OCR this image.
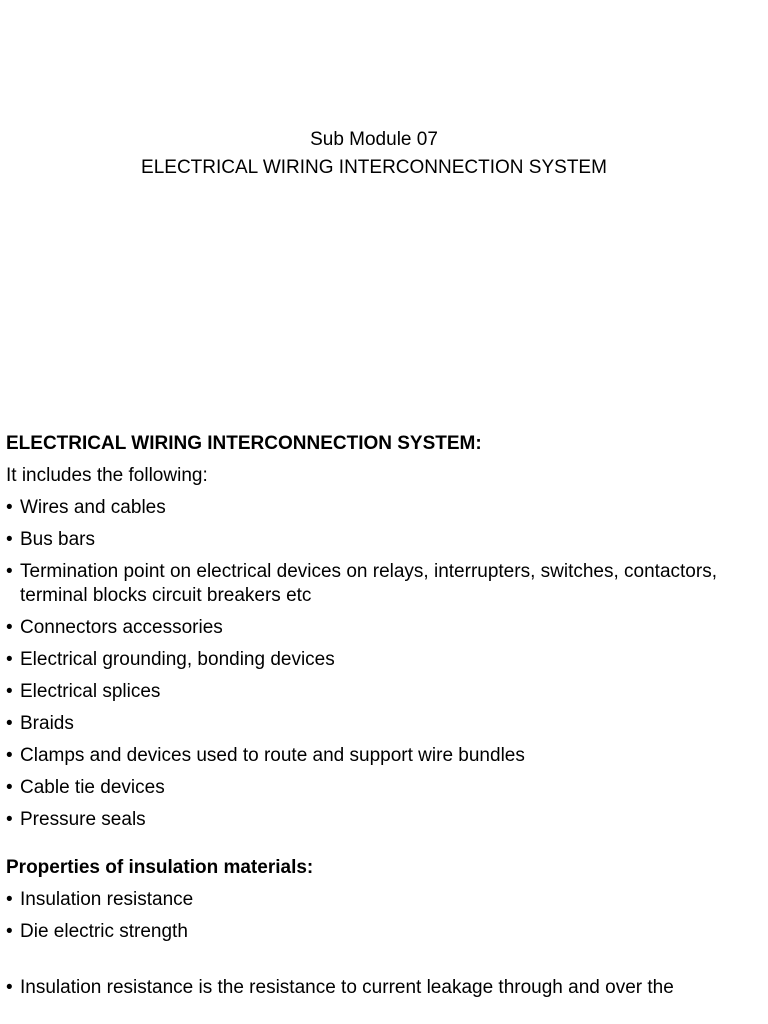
Sub Module 07
ELECTRICAL WIRING INTERCONNECTION SYSTEM
ELECTRICAL WIRING INTERCONNECTION SYSTEM:
It includes the following:
• Wires and cables
• Bus bars
• Termination point on electrical devices on relays, interrupters, switches, contactors, terminal blocks circuit breakers etc
• Connectors accessories
• Electrical grounding, bonding devices
• Electrical splices
• Braids
• Clamps and devices used to route and support wire bundles
• Cable tie devices
• Pressure seals
Properties of insulation materials:
• Insulation resistance
• Die electric strength
• Insulation resistance is the resistance to current leakage through and over the
